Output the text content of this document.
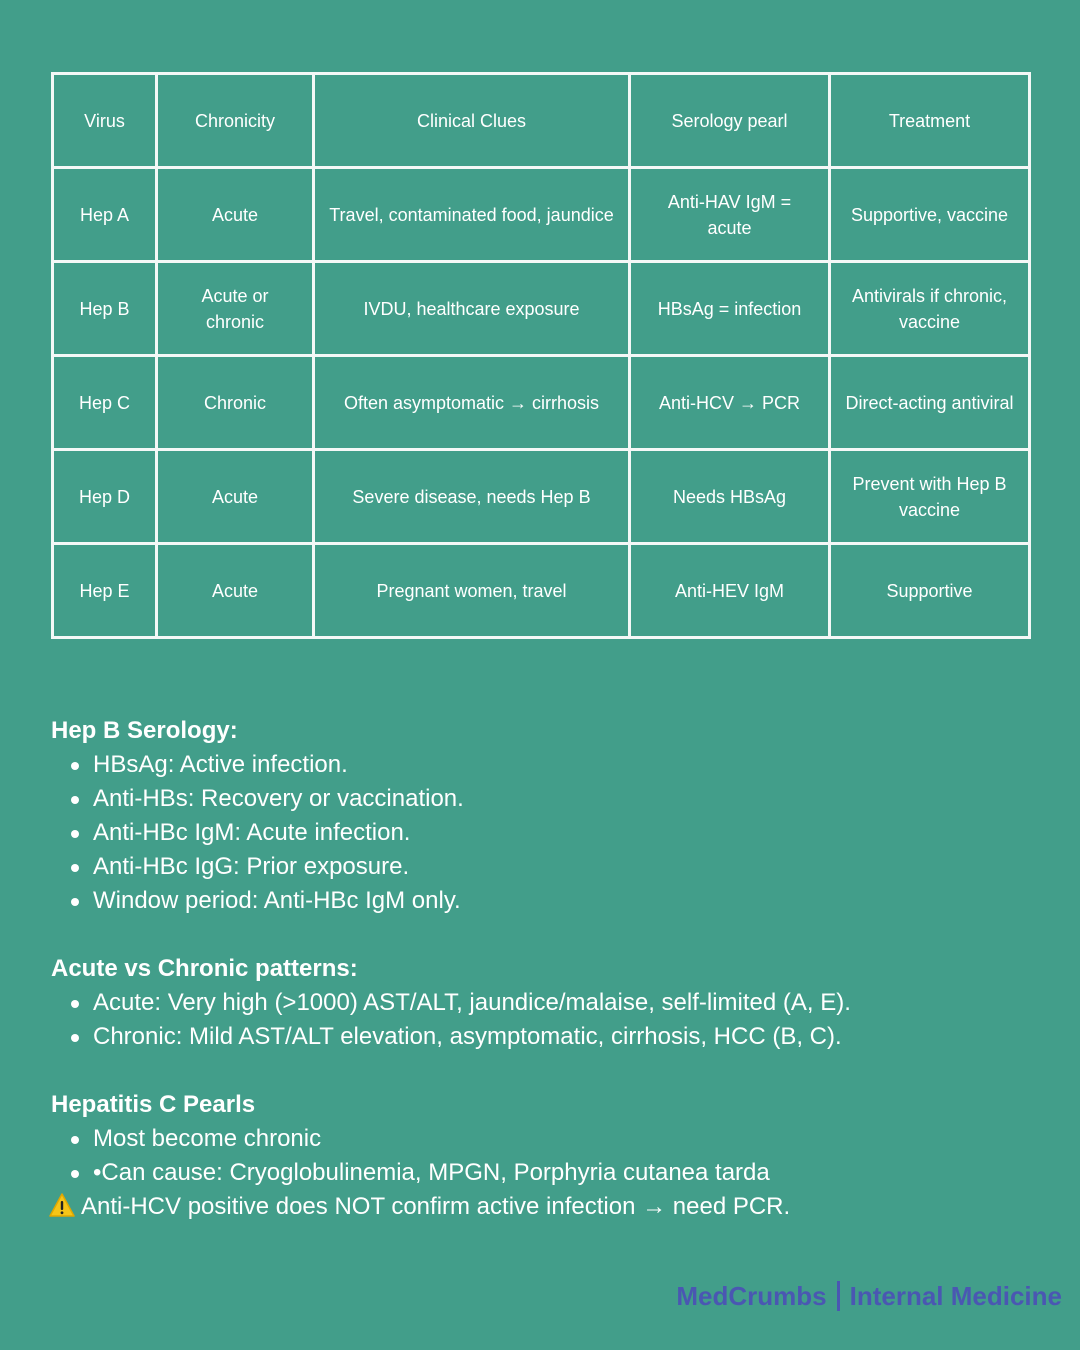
Virus	Chronicity	Clinical Clues	Serology pearl	Treatment
Hep A	Acute	Travel, contaminated food, jaundice	Anti-HAV IgM = acute	Supportive, vaccine
Hep B	Acute or chronic	IVDU, healthcare exposure	HBsAg = infection	Antivirals if chronic, vaccine
Hep C	Chronic	Often asymptomatic → cirrhosis	Anti-HCV → PCR	Direct-acting antiviral
Hep D	Acute	Severe disease, needs Hep B	Needs HBsAg	Prevent with Hep B vaccine
Hep E	Acute	Pregnant women, travel	Anti-HEV IgM	Supportive
Hep B Serology:
HBsAg: Active infection.
Anti-HBs: Recovery or vaccination.
Anti-HBc IgM: Acute infection.
Anti-HBc IgG: Prior exposure.
Window period: Anti-HBc IgM only.
Acute vs Chronic patterns:
Acute: Very high (>1000) AST/ALT, jaundice/malaise, self-limited (A, E).
Chronic: Mild AST/ALT elevation, asymptomatic, cirrhosis, HCC (B, C).
Hepatitis C Pearls
Most become chronic
•Can cause: Cryoglobulinemia, MPGN, Porphyria cutanea tarda
Anti-HCV positive does NOT confirm active infection → need PCR.
MedCrumbs Internal Medicine
